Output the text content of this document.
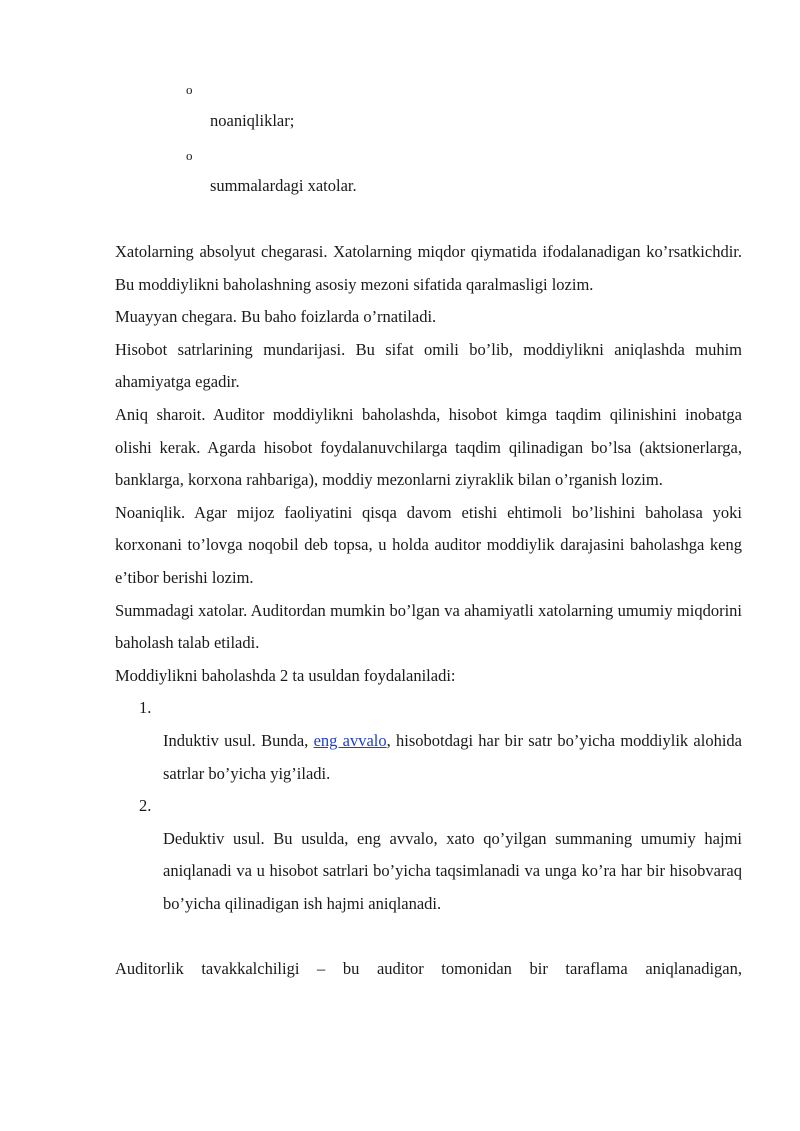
o
noaniqliklar;
o
summalardagi xatolar.

Xatolarning absolyut chegarasi. Xatolarning miqdor qiymatida ifodalanadigan ko’rsatkichdir. Bu moddiylikni baholashning asosiy mezoni sifatida qaralmasligi lozim.

Muayyan chegara. Bu baho foizlarda o’rnatiladi.

Hisobot satrlarining mundarijasi. Bu sifat omili bo’lib, moddiylikni aniqlashda muhim ahamiyatga egadir.

Aniq sharoit. Auditor moddiylikni baholashda, hisobot kimga taqdim qilinishini inobatga olishi kerak. Agarda hisobot foydalanuvchilarga taqdim qilinadigan bo’lsa (aktsionerlarga, banklarga, korxona rahbariga), moddiy mezonlarni ziyraklik bilan o’rganish lozim.

Noaniqlik. Agar mijoz faoliyatini qisqa davom etishi ehtimoli bo’lishini baholasa yoki korxonani to’lovga noqobil deb topsa, u holda auditor moddiylik darajasini baholashga keng e’tibor berishi lozim.

Summadagi xatolar. Auditordan mumkin bo’lgan va ahamiyatli xatolarning umumiy miqdorini baholash talab etiladi.

Moddiylikni baholashda 2 ta usuldan foydalaniladi:

1.
Induktiv usul. Bunda, eng avvalo, hisobotdagi har bir satr bo’yicha moddiylik alohida satrlar bo’yicha yig’iladi.
2.
Deduktiv usul. Bu usulda, eng avvalo, xato qo’yilgan summaning umumiy hajmi aniqlanadi va u hisobot satrlari bo’yicha taqsimlanadi va unga ko’ra har bir hisobvaraq bo’yicha qilinadigan ish hajmi aniqlanadi.

Auditorlik tavakkalchiligi – bu auditor tomonidan bir taraflama aniqlanadigan,
